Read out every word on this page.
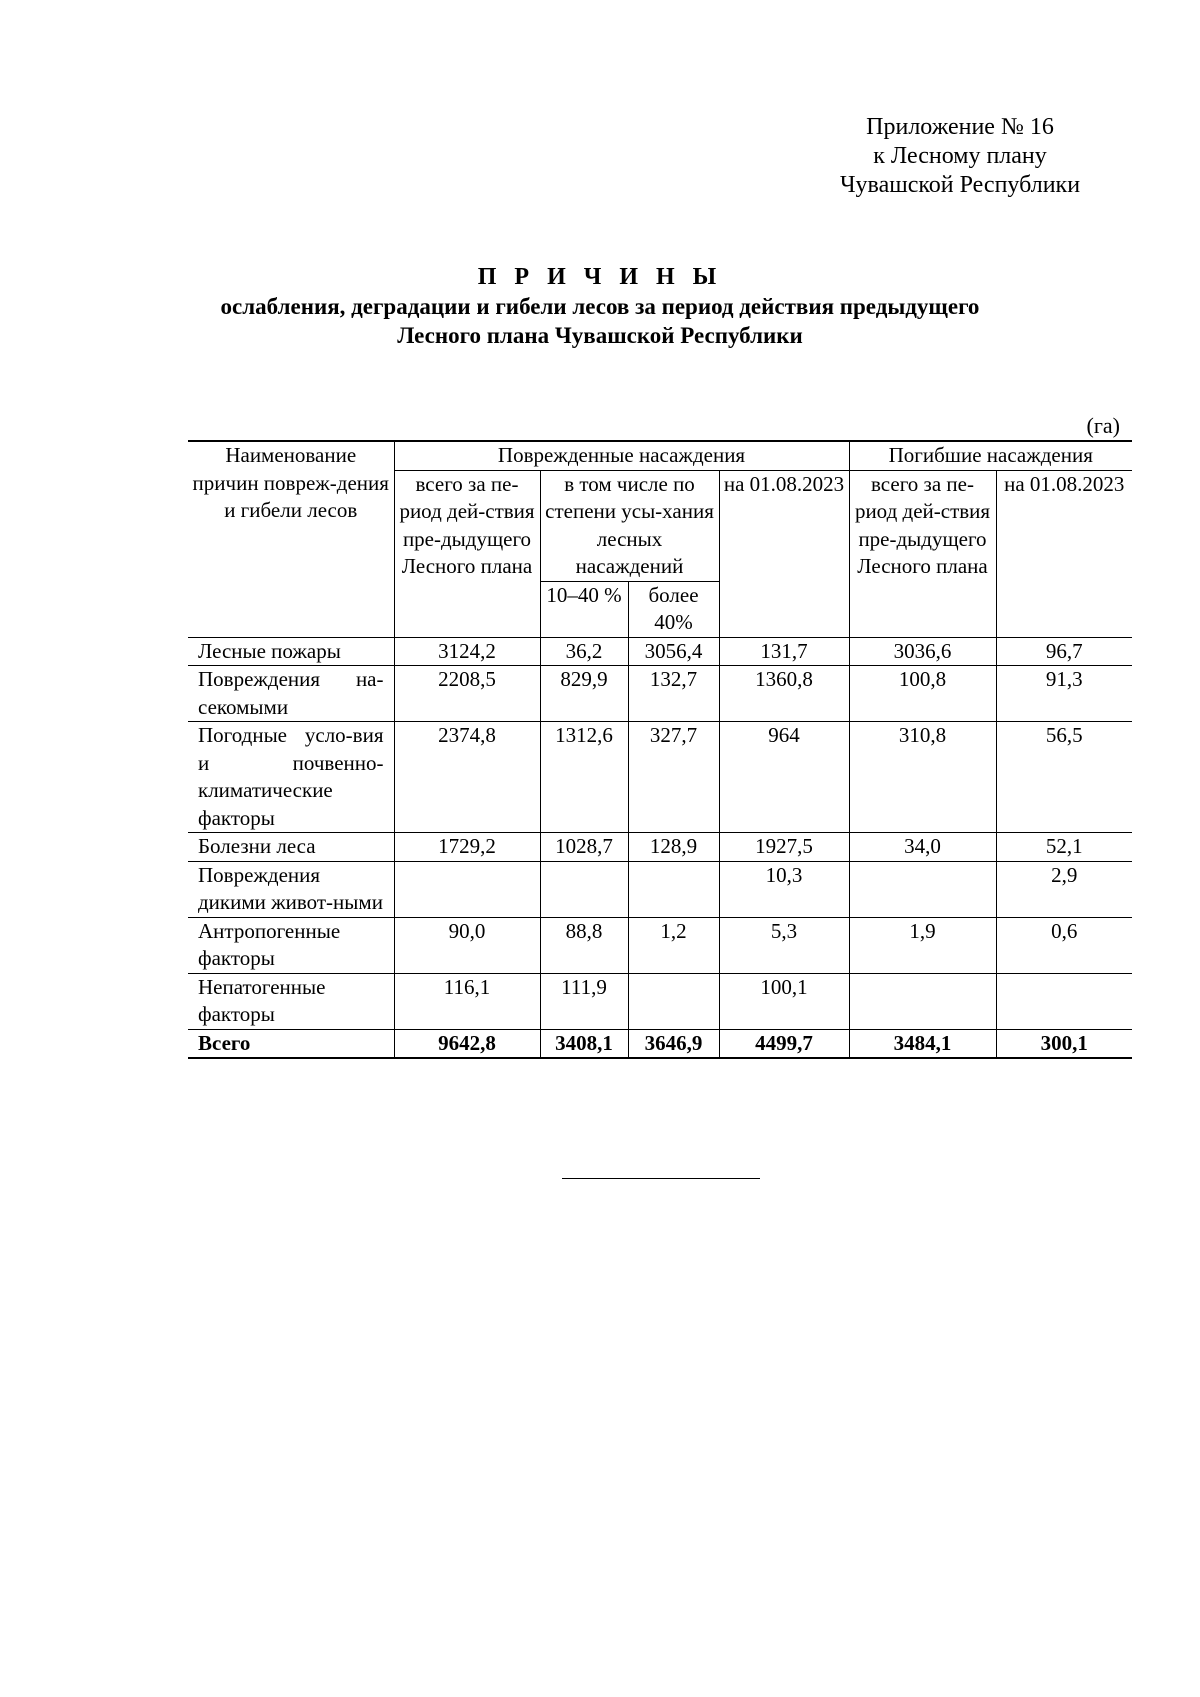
Приложение № 16
к Лесному плану
Чувашской Республики
П Р И Ч И Н Ы
ослабления, деградации и гибели лесов за период действия предыдущего
Лесного плана Чувашской Республики
(га)
Наименование причин повреж-дения и гибели лесов	Поврежденные насаждения				Погибшие насаждения	
	всего за пе-риод дей-ствия пре-дыдущего Лесного плана	в том числе по степени усы-хания лесных насаждений		на 01.08.2023	всего за пе-риод дей-ствия пре-дыдущего Лесного плана	на 01.08.2023
		10–40 %	более 40%			
Лесные пожары	3124,2	36,2	3056,4	131,7	3036,6	96,7
Повреждения на-секомыми	2208,5	829,9	132,7	1360,8	100,8	91,3
Погодные усло-вия и почвенно-климатические факторы	2374,8	1312,6	327,7	964	310,8	56,5
Болезни леса	1729,2	1028,7	128,9	1927,5	34,0	52,1
Повреждения дикими живот-ными				10,3		2,9
Антропогенные факторы	90,0	88,8	1,2	5,3	1,9	0,6
Непатогенные факторы	116,1	111,9		100,1		
Всего	9642,8	3408,1	3646,9	4499,7	3484,1	300,1
